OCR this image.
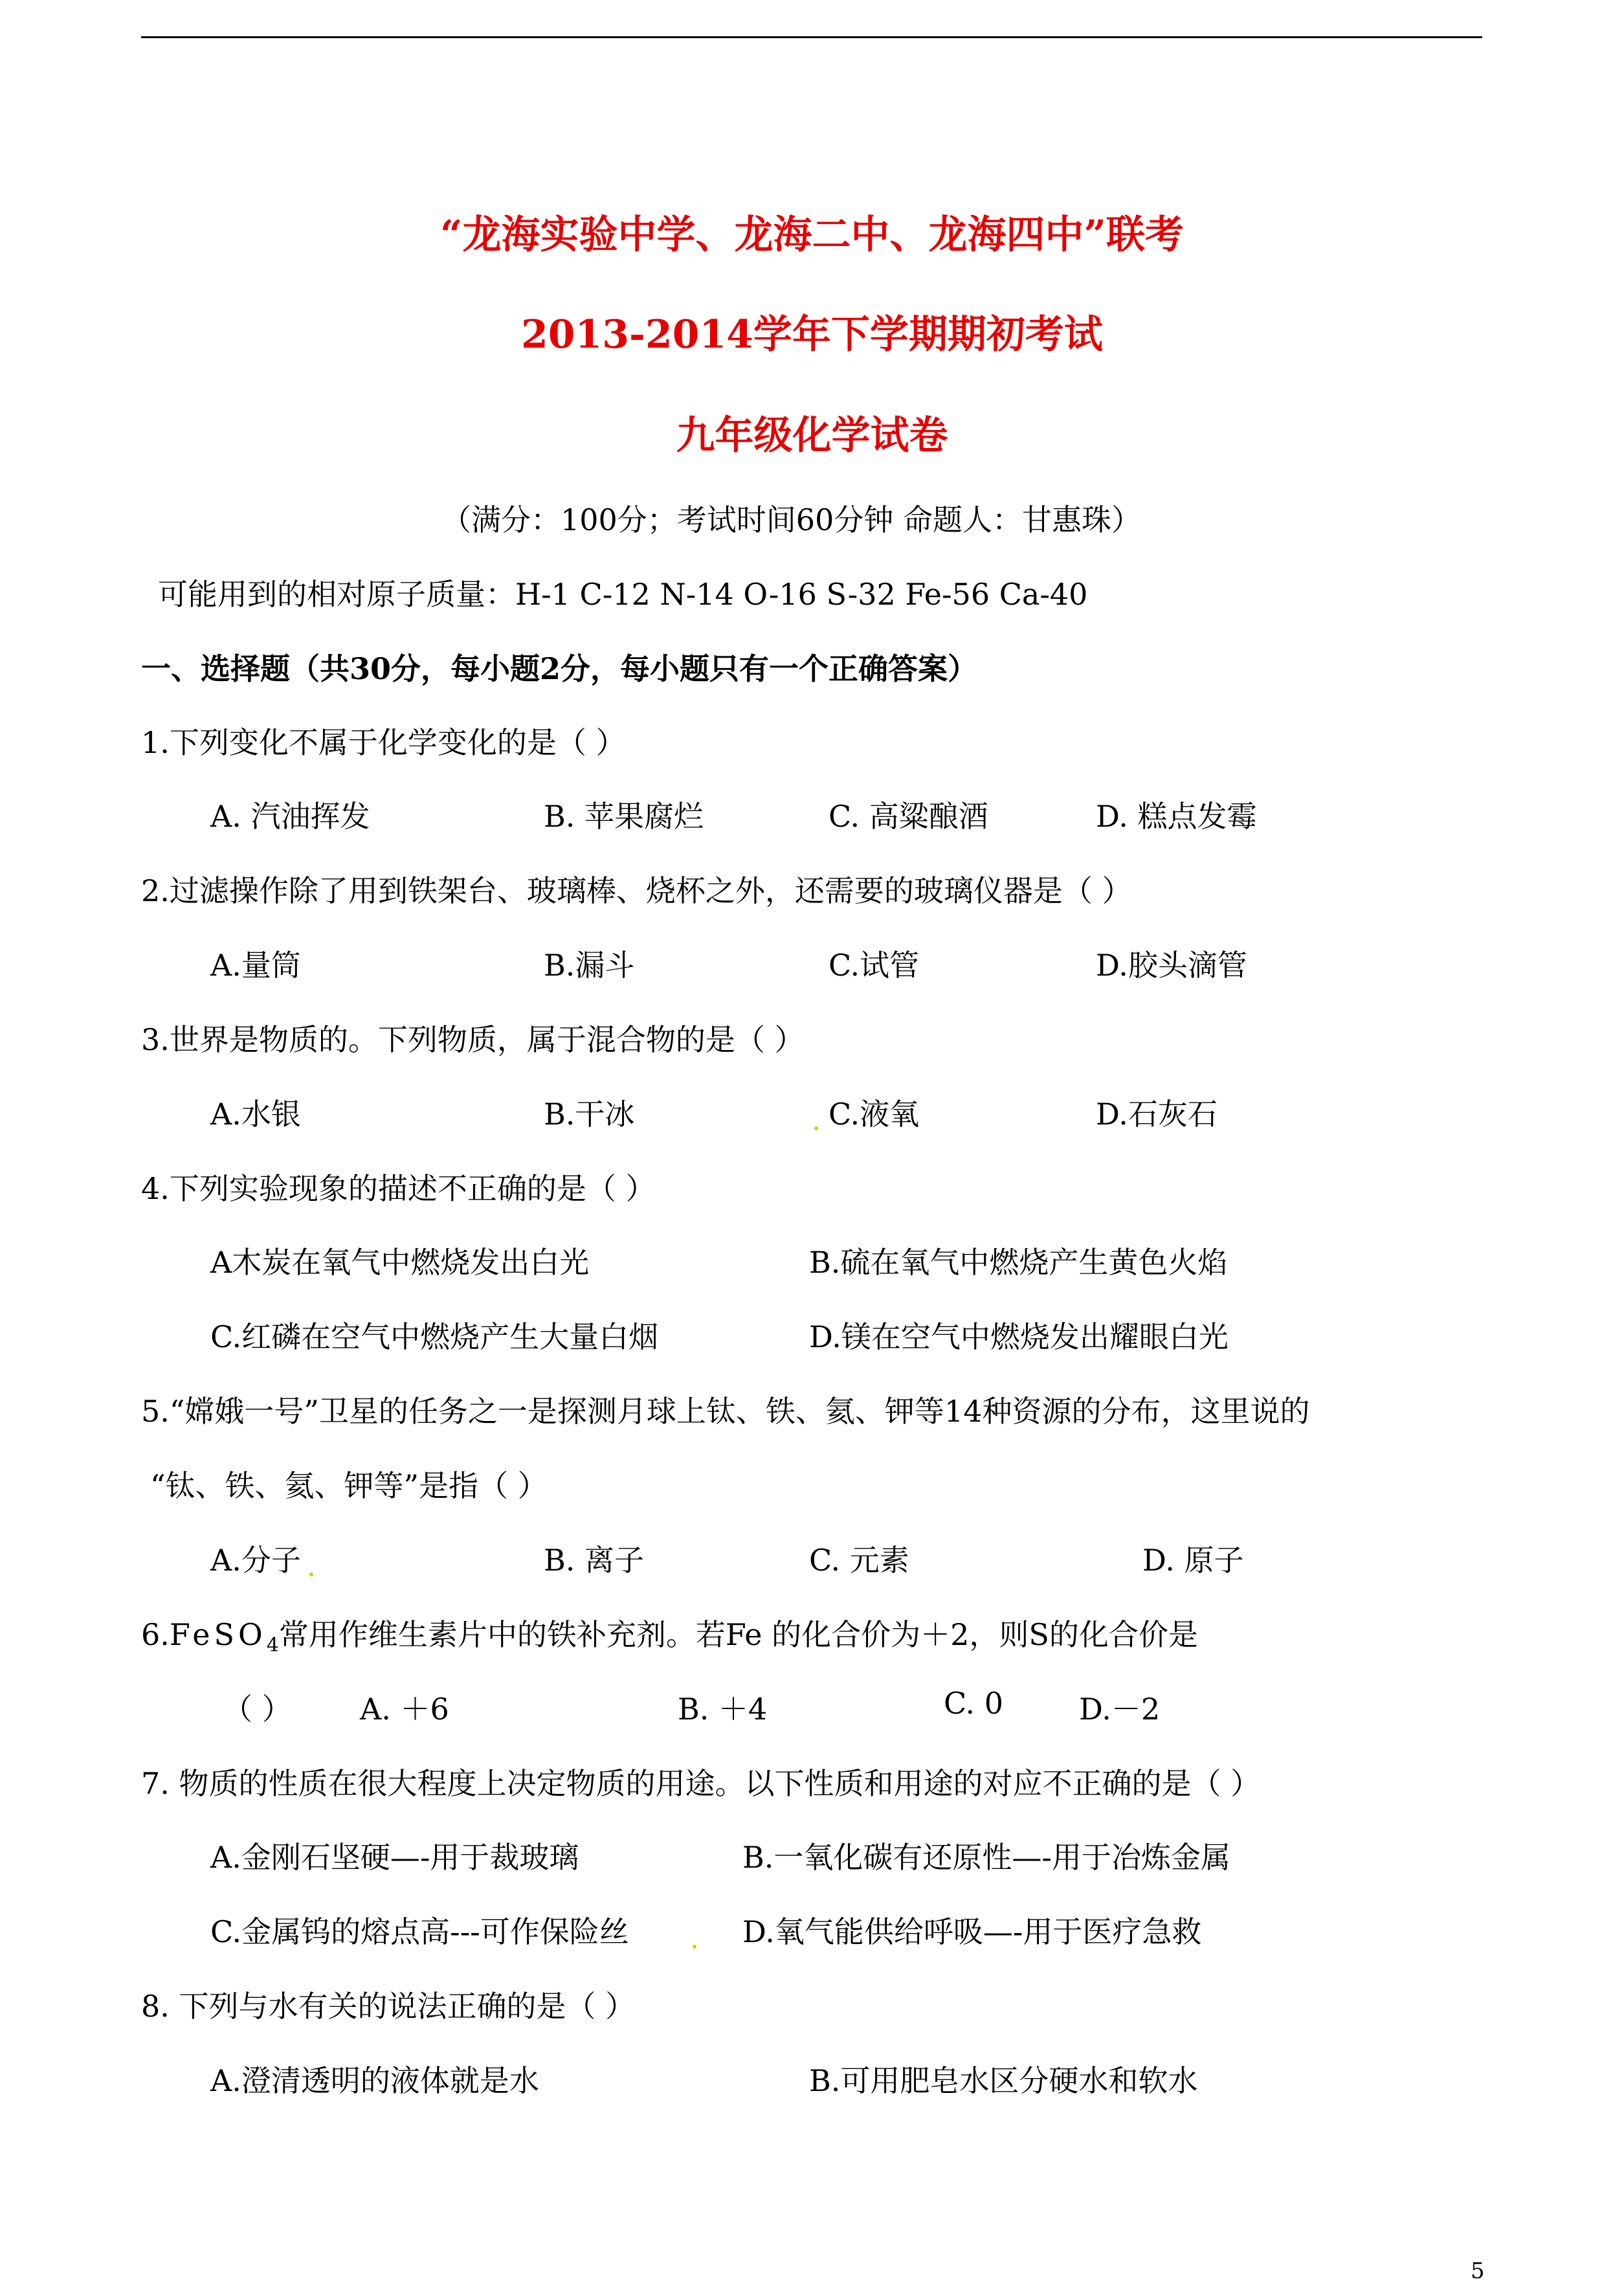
“龙海实验中学、龙海二中、龙海四中”联考
2013-2014学年下学期期初考试
九年级化学试卷
（满分：100分；考试时间60分钟 命题人：甘惠珠）
可能用到的相对原子质量：H-1 C-12 N-14 O-16 S-32 Fe-56 Ca-40
一、选择题（共30分，每小题2分，每小题只有一个正确答案）
1.下列变化不属于化学变化的是（ ）
A. 汽油挥发	B. 苹果腐烂	C. 高粱酿酒	D. 糕点发霉
2.过滤操作除了用到铁架台、玻璃棒、烧杯之外，还需要的玻璃仪器是（ ）
A.量筒	B.漏斗	C.试管	D.胶头滴管
3.世界是物质的。下列物质，属于混合物的是（ ）
A.水银	B.干冰	C.液氧	D.石灰石
4.下列实验现象的描述不正确的是（ ）
A木炭在氧气中燃烧发出白光	B.硫在氧气中燃烧产生黄色火焰
C.红磷在空气中燃烧产生大量白烟	D.镁在空气中燃烧发出耀眼白光
5.“嫦娥一号”卫星的任务之一是探测月球上钛、铁、氦、钾等14种资源的分布，这里说的
“钛、铁、氦、钾等”是指（ ）
A.分子	B. 离子	C. 元素	D. 原子
6.FeSO$_4$常用作维生素片中的铁补充剂。若Fe 的化合价为＋2，则S的化合价是
（ ） A. ＋6	B. ＋4	C. 0	D.－2
7. 物质的性质在很大程度上决定物质的用途。以下性质和用途的对应不正确的是（ ）
A.金刚石坚硬—-用于裁玻璃	B.一氧化碳有还原性—-用于冶炼金属
C.金属钨的熔点高---可作保险丝	D.氧气能供给呼吸—-用于医疗急救
8. 下列与水有关的说法正确的是（ ）
A.澄清透明的液体就是水	B.可用肥皂水区分硬水和软水
5
